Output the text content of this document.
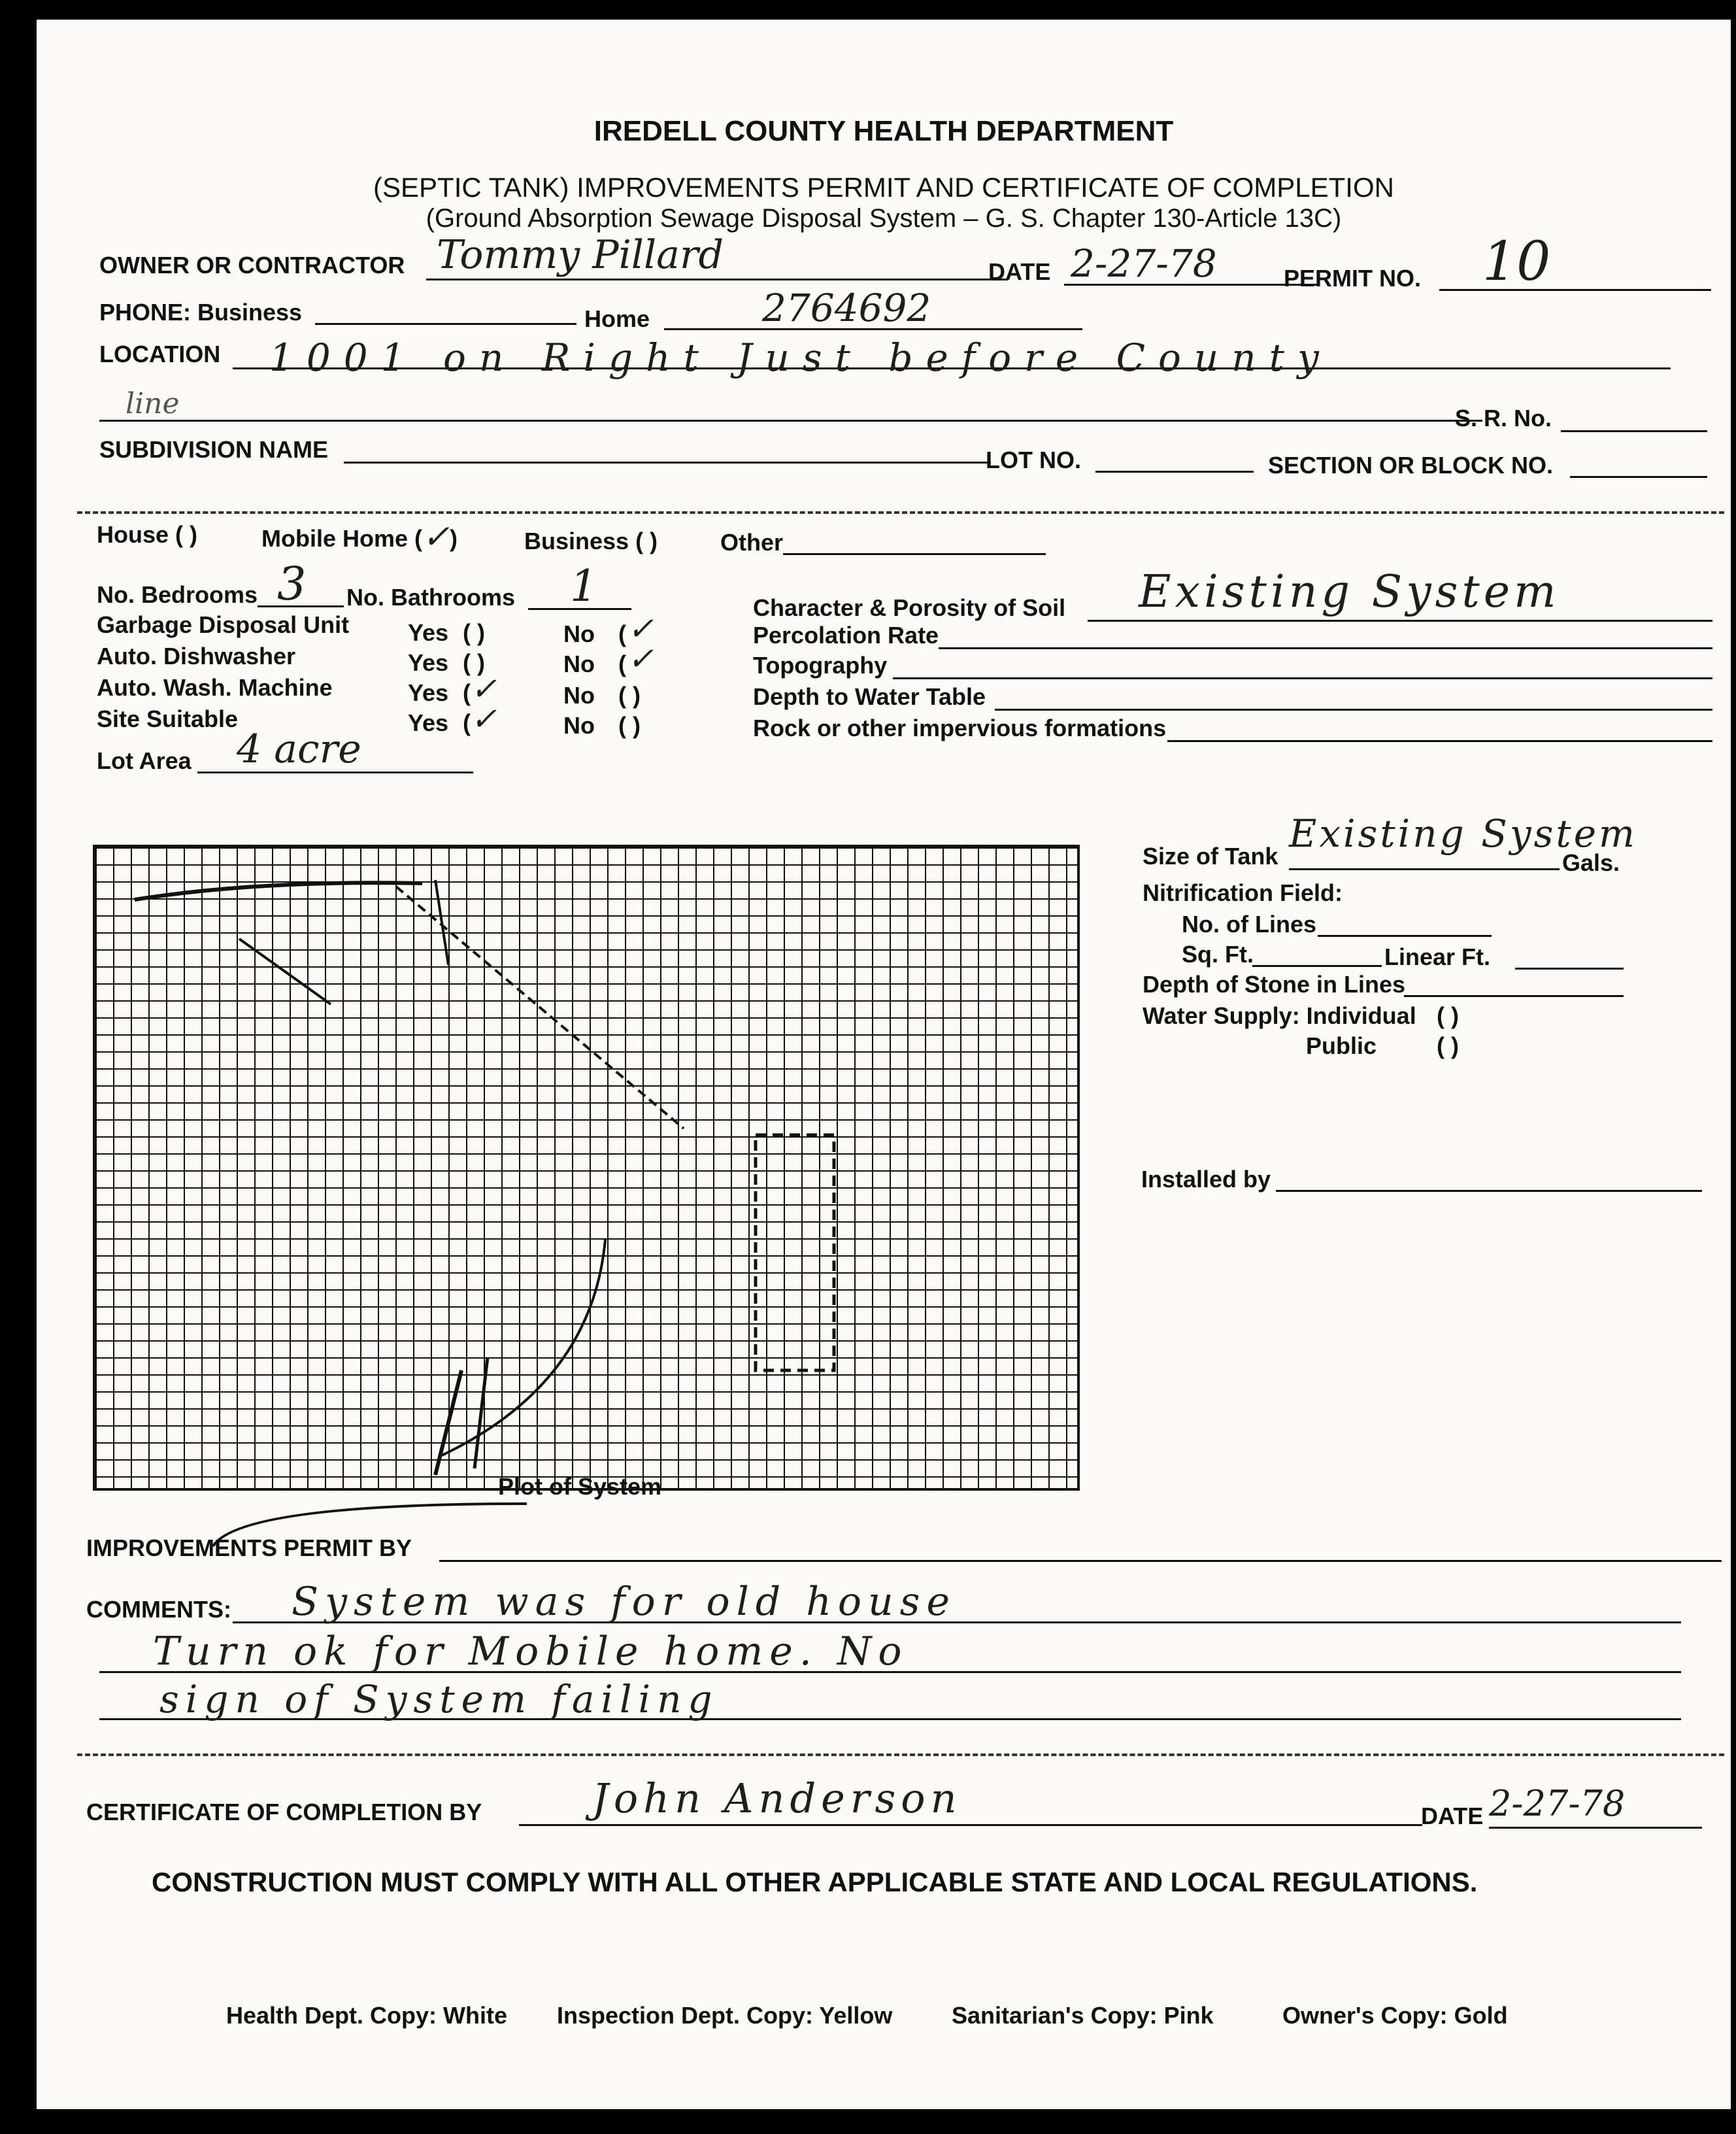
IREDELL COUNTY HEALTH DEPARTMENT
(SEPTIC TANK) IMPROVEMENTS PERMIT AND CERTIFICATE OF COMPLETION
(Ground Absorption Sewage Disposal System – G. S. Chapter 130-Article 13C)
OWNER OR CONTRACTOR Tommy Pillard	DATE 2-27-78	PERMIT NO. 10
PHONE: Business	Home	2764692
LOCATION 1001 on Right Just before County
line	S. R. No.
SUBDIVISION NAME	LOT NO.	SECTION OR BLOCK NO.
House ( )	Mobile Home ( ✓ )	Business ( )	Other
No. Bedrooms 3 No. Bathrooms 1
Garbage Disposal Unit Yes ( )	No ( ✓
Auto. Dishwasher	Yes ( )	No ( ✓
Auto. Wash. Machine	Yes ( ✓	No ( )
Site Suitable	Yes ( ✓	No ( )
Lot Area 4 acre
Character & Porosity of Soil Existing System
Percolation Rate
Topography
Depth to Water Table
Rock or other impervious formations
Plot of System
Size of Tank
Existing System
Gals.
Nitrification Field:
No. of Lines
Sq. Ft.	Linear Ft.
Depth of Stone in Lines
Water Supply: Individual ( )
Public	( )
Installed by
IMPROVEMENTS PERMIT BY
COMMENTS: System was for old house
Turn ok for Mobile home. No
sign of System failing
CERTIFICATE OF COMPLETION BY	John Anderson	DATE 2-27-78
CONSTRUCTION MUST COMPLY WITH ALL OTHER APPLICABLE STATE AND LOCAL REGULATIONS.
Health Dept. Copy: White Inspection Dept. Copy: Yellow	Sanitarian's Copy: Pink	Owner's Copy: Gold
